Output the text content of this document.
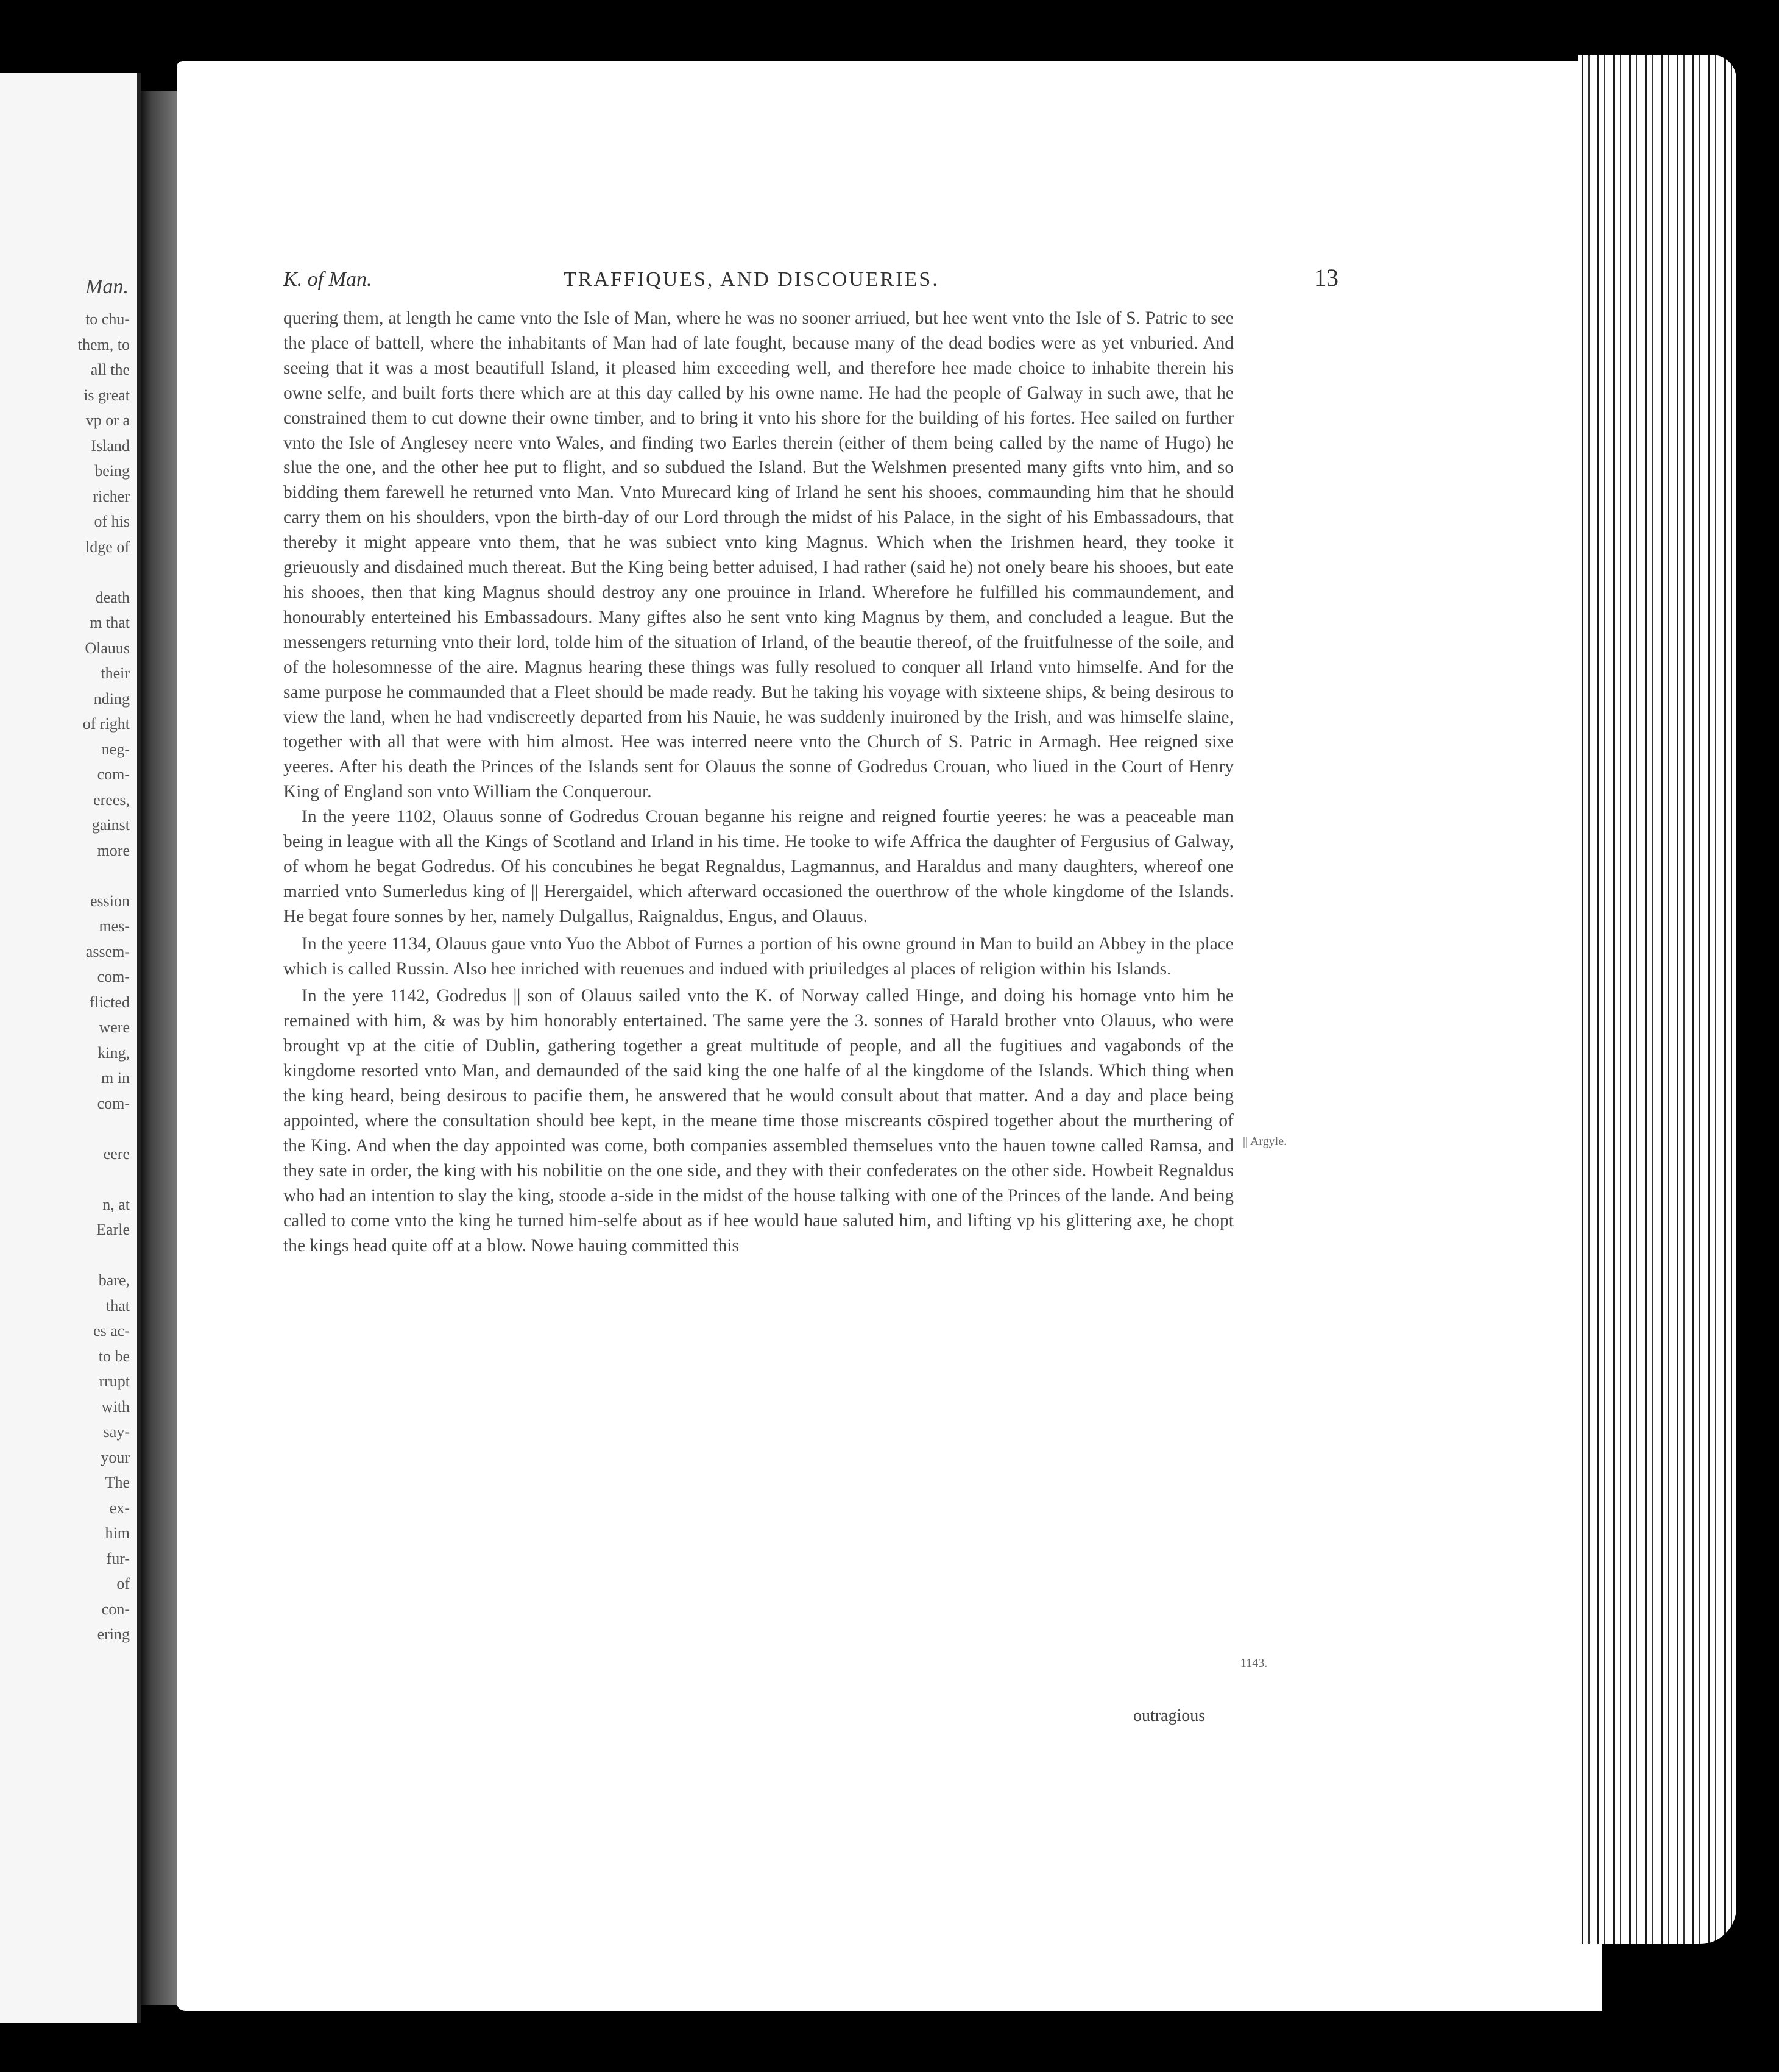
Man.
to chu-
them, to
all the
is great
vp or a
Island
being
richer
of his
ldge of

death
m that
Olauus
their
nding
of right
neg-
com-
erees,
gainst
more

ession
mes-
assem-
com-
flicted
were
king,
m in
com-

eere

n, at
Earle

bare,
that
es ac-
to be
rrupt
with
say-
your
The
ex-
him
fur-
of
con-
ering
K. of Man.	TRAFFIQUES, AND DISCOUERIES.	13

quering them, at length he came vnto the Isle of Man, where he was no sooner arriued, but hee went vnto the Isle of S. Patric to see the place of battell, where the inhabitants of Man had of late fought, because many of the dead bodies were as yet vnburied. And seeing that it was a most beautifull Island, it pleased him exceeding well, and therefore hee made choice to inhabite therein his owne selfe, and built forts there which are at this day called by his owne name. He had the people of Galway in such awe, that he constrained them to cut downe their owne timber, and to bring it vnto his shore for the building of his fortes. Hee sailed on further vnto the Isle of Anglesey neere vnto Wales, and finding two Earles therein (either of them being called by the name of Hugo) he slue the one, and the other hee put to flight, and so subdued the Island. But the Welshmen presented many gifts vnto him, and so bidding them farewell he returned vnto Man. Vnto Murecard king of Irland he sent his shooes, commaunding him that he should carry them on his shoulders, vpon the birth-day of our Lord through the midst of his Palace, in the sight of his Embassadours, that thereby it might appeare vnto them, that he was subiect vnto king Magnus. Which when the Irishmen heard, they tooke it grieuously and disdained much thereat. But the King being better aduised, I had rather (said he) not onely beare his shooes, but eate his shooes, then that king Magnus should destroy any one prouince in Irland. Wherefore he fulfilled his commaundement, and honourably enterteined his Embassadours. Many giftes also he sent vnto king Magnus by them, and concluded a league. But the messengers returning vnto their lord, tolde him of the situation of Irland, of the beautie thereof, of the fruitfulnesse of the soile, and of the holesomnesse of the aire. Magnus hearing these things was fully resolued to conquer all Irland vnto himselfe. And for the same purpose he commaunded that a Fleet should be made ready. But he taking his voyage with sixteene ships, & being desirous to view the land, when he had vndiscreetly departed from his Nauie, he was suddenly inuironed by the Irish, and was himselfe slaine, together with all that were with him almost. Hee was interred neere vnto the Church of S. Patric in Armagh. Hee reigned sixe yeeres. After his death the Princes of the Islands sent for Olauus the sonne of Godredus Crouan, who liued in the Court of Henry King of England son vnto William the Conquerour.

In the yeere 1102, Olauus sonne of Godredus Crouan beganne his reigne and reigned fourtie yeeres: he was a peaceable man being in league with all the Kings of Scotland and Irland in his time. He tooke to wife Affrica the daughter of Fergusius of Galway, of whom he begat Godredus. Of his concubines he begat Regnaldus, Lagmannus, and Haraldus and many daughters, whereof one married vnto Sumerledus king of || Herergaidel, which afterward occasioned the ouerthrow of the whole kingdome of the Islands. He begat foure sonnes by her, namely Dulgallus, Raignaldus, Engus, and Olauus.

In the yeere 1134, Olauus gaue vnto Yuo the Abbot of Furnes a portion of his owne ground in Man to build an Abbey in the place which is called Russin. Also hee inriched with reuenues and indued with priuiledges al places of religion within his Islands.

In the yere 1142, Godredus || son of Olauus sailed vnto the K. of Norway called Hinge, and doing his homage vnto him he remained with him, & was by him honorably entertained. The same yere the 3. sonnes of Harald brother vnto Olauus, who were brought vp at the citie of Dublin, gathering together a great multitude of people, and all the fugitiues and vagabonds of the kingdome resorted vnto Man, and demaunded of the said king the one halfe of al the kingdome of the Islands. Which thing when the king heard, being desirous to pacifie them, he answered that he would consult about that matter. And a day and place being appointed, where the consultation should bee kept, in the meane time those miscreants cōspired together about the murthering of the King. And when the day appointed was come, both companies assembled themselues vnto the hauen towne called Ramsa, and they sate in order, the king with his nobilitie on the one side, and they with their confederates on the other side. Howbeit Regnaldus who had an intention to slay the king, stoode a-side in the midst of the house talking with one of the Princes of the lande. And being called to come vnto the king he turned him-selfe about as if hee would haue saluted him, and lifting vp his glittering axe, he chopt the kings head quite off at a blow. Nowe hauing committed this

|| Argyle.
1143.
outragious
